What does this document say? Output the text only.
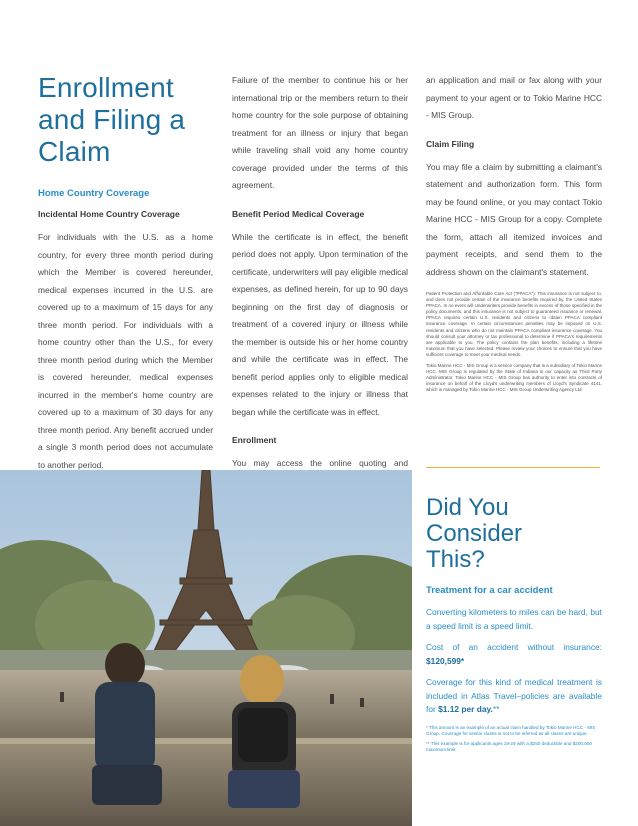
Enrollment
and Filing a
Claim
Home Country Coverage
Incidental Home Country Coverage

For individuals with the U.S. as a home country, for every three month period during which the Member is covered hereunder, medical expenses incurred in the U.S. are covered up to a maximum of 15 days for any three month period. For individuals with a home country other than the U.S., for every three month period during which the Member is covered hereunder, medical expenses incurred in the member's home country are covered up to a maximum of 30 days for any three month period. Any benefit accrued under a single 3 month period does not accumulate to another period.

Failure of the member to continue his or her international trip or the members return to their home country for the sole purpose of obtaining treatment for an illness or injury that began while traveling shall void any home country coverage provided under the terms of this agreement.

Benefit Period Medical Coverage

While the certificate is in effect, the benefit period does not apply. Upon termination of the certificate, underwriters will pay eligible medical expenses, as defined herein, for up to 90 days beginning on the first day of diagnosis or treatment of a covered injury or illness while the member is outside his or her home country and while the certificate was in effect. The benefit period applies only to eligible medical expenses related to the injury or illness that began while the certificate was in effect.

Enrollment

You may access the online quoting and

an application and mail or fax along with your payment to your agent or to Tokio Marine HCC - MIS Group.

Claim Filing

You may file a claim by submitting a claimant's statement and authorization form. This form may be found online, or you may contact Tokio Marine HCC - MIS Group for a copy. Complete the form, attach all itemized invoices and payment receipts, and send them to the address shown on the claimant's statement.

Patient Protection and Affordable Care Act ("PPACA"): This insurance is not subject to, and does not provide certain of the insurance benefits required by, the United States PPACA. In no event will Underwriters provide benefits in excess of those specified in the policy documents, and this insurance is not subject to guaranteed issuance or renewal. PPACA requires certain U.S. residents and citizens to obtain PPACA compliant insurance coverage. In certain circumstances penalties may be imposed on U.S. residents and citizens who do not maintain PPACA compliant insurance coverage. You should consult your attorney or tax professional to determine if PPACA's requirements are applicable to you. The policy contains the plan benefits, including a lifetime maximum that you have selected. Please review your choices to ensure that you have sufficient coverage to meet your medical needs.

Tokio Marine HCC - MIS Group is a service company that is a subsidiary of Tokio Marine HCC. MIS Group is regulated by the State of Indiana in our capacity as Third Party Administrator. Tokio Marine HCC - MIS Group has authority to enter into contracts of insurance on behalf of the Lloyd's underwriting members of Lloyd's Syndicate 4141, which is managed by Tokio Marine HCC - MIS Group Underwriting Agency Ltd.

Did You
Consider
This?
Treatment for a car accident

Converting kilometers to miles can be hard, but a speed limit is a speed limit.

Cost of an accident without insurance: $120,599*

Coverage for this kind of medical treatment is included in Atlas Travel–policies are available for $1.12 per day.**

* This amount is an example of an actual claim handled by Tokio Marine HCC - MIS Group. Coverage for similar claims is not to be inferred as all claims are unique.

** This example is for applicants ages 19-29 with a $250 deductible and $200,000 maximum limit.
